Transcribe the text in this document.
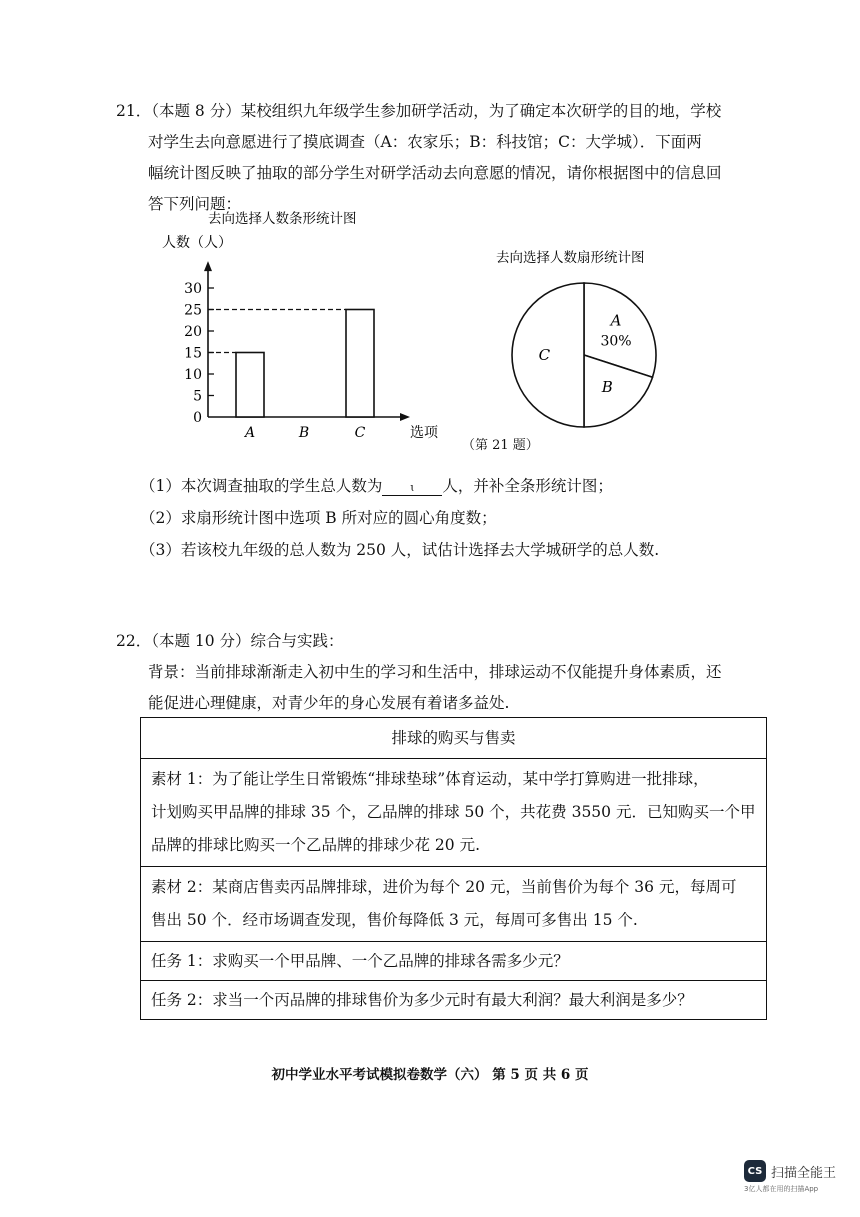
21．（本题 8 分）某校组织九年级学生参加研学活动，为了确定本次研学的目的地，学校
对学生去向意愿进行了摸底调查（A：农家乐；B：科技馆；C：大学城）．下面两
幅统计图反映了抽取的部分学生对研学活动去向意愿的情况，请你根据图中的信息回
答下列问题：
去向选择人数条形统计图
人数（人）
0
5
10
15
20
25
30
A	B	C	选项
去向选择人数扇形统计图
A
30%
B
C
（第 21 题）
（1）本次调查抽取的学生总人数为	ɩ 人，并补全条形统计图；
（2）求扇形统计图中选项 B 所对应的圆心角度数；
（3）若该校九年级的总人数为 250 人，试估计选择去大学城研学的总人数.
22．（本题 10 分）综合与实践：
背景：当前排球渐渐走入初中生的学习和生活中，排球运动不仅能提升身体素质，还
能促进心理健康，对青少年的身心发展有着诸多益处.
排球的购买与售卖

素材 1：为了能让学生日常锻炼“排球垫球”体育运动，某中学打算购进一批排球，
计划购买甲品牌的排球 35 个，乙品牌的排球 50 个，共花费 3550 元．已知购买一个甲
品牌的排球比购买一个乙品牌的排球少花 20 元.

素材 2：某商店售卖丙品牌排球，进价为每个 20 元，当前售价为每个 36 元，每周可
售出 50 个．经市场调查发现，售价每降低 3 元，每周可多售出 15 个.

任务 1：求购买一个甲品牌、一个乙品牌的排球各需多少元？
任务 2：求当一个丙品牌的排球售价为多少元时有最大利润？最大利润是多少？
初中学业水平考试模拟卷数学（六） 第 5 页 共 6 页
CS 扫描全能王
3亿人都在用的扫描App
